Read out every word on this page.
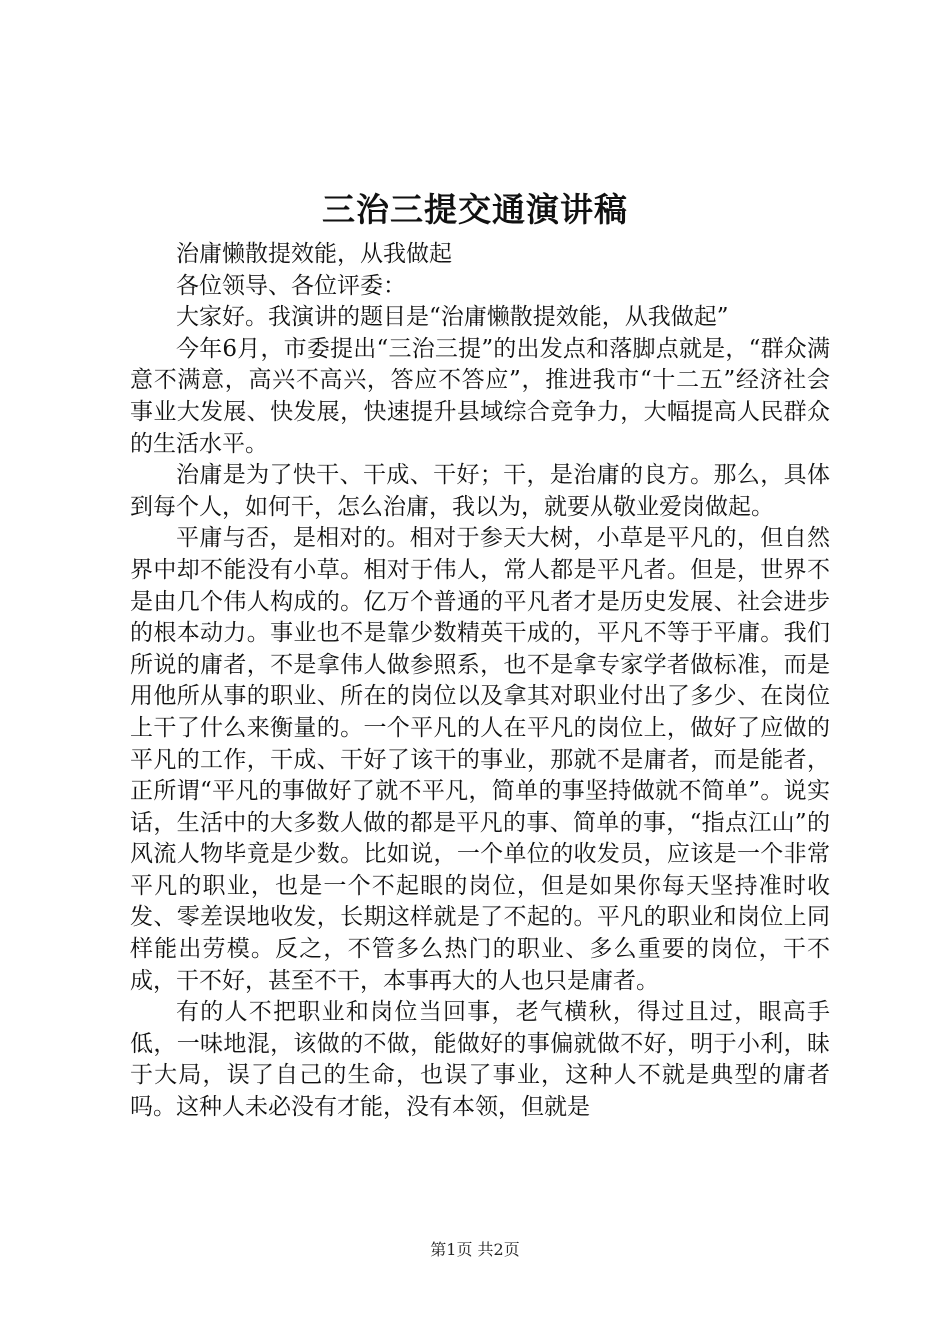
三治三提交通演讲稿

治庸懒散提效能，从我做起

各位领导、各位评委：

大家好。我演讲的题目是“治庸懒散提效能，从我做起”

今年6月，市委提出“三治三提”的出发点和落脚点就是，“群众满意不满意，高兴不高兴，答应不答应”，推进我市“十二五”经济社会事业大发展、快发展，快速提升县域综合竞争力，大幅提高人民群众的生活水平。

治庸是为了快干、干成、干好；干，是治庸的良方。那么，具体到每个人，如何干，怎么治庸，我以为，就要从敬业爱岗做起。

平庸与否，是相对的。相对于参天大树，小草是平凡的，但自然界中却不能没有小草。相对于伟人，常人都是平凡者。但是，世界不是由几个伟人构成的。亿万个普通的平凡者才是历史发展、社会进步的根本动力。事业也不是靠少数精英干成的，平凡不等于平庸。我们所说的庸者，不是拿伟人做参照系，也不是拿专家学者做标准，而是用他所从事的职业、所在的岗位以及拿其对职业付出了多少、在岗位上干了什么来衡量的。一个平凡的人在平凡的岗位上，做好了应做的平凡的工作，干成、干好了该干的事业，那就不是庸者，而是能者，正所谓“平凡的事做好了就不平凡，简单的事坚持做就不简单”。说实话，生活中的大多数人做的都是平凡的事、简单的事，“指点江山”的风流人物毕竟是少数。比如说，一个单位的收发员，应该是一个非常平凡的职业，也是一个不起眼的岗位，但是如果你每天坚持准时收发、零差误地收发，长期这样就是了不起的。平凡的职业和岗位上同样能出劳模。反之，不管多么热门的职业、多么重要的岗位，干不成，干不好，甚至不干，本事再大的人也只是庸者。

有的人不把职业和岗位当回事，老气横秋，得过且过，眼高手低，一味地混，该做的不做，能做好的事偏就做不好，明于小利，昧于大局，误了自己的生命，也误了事业，这种人不就是典型的庸者吗。这种人未必没有才能，没有本领，但就是

第1页 共2页
